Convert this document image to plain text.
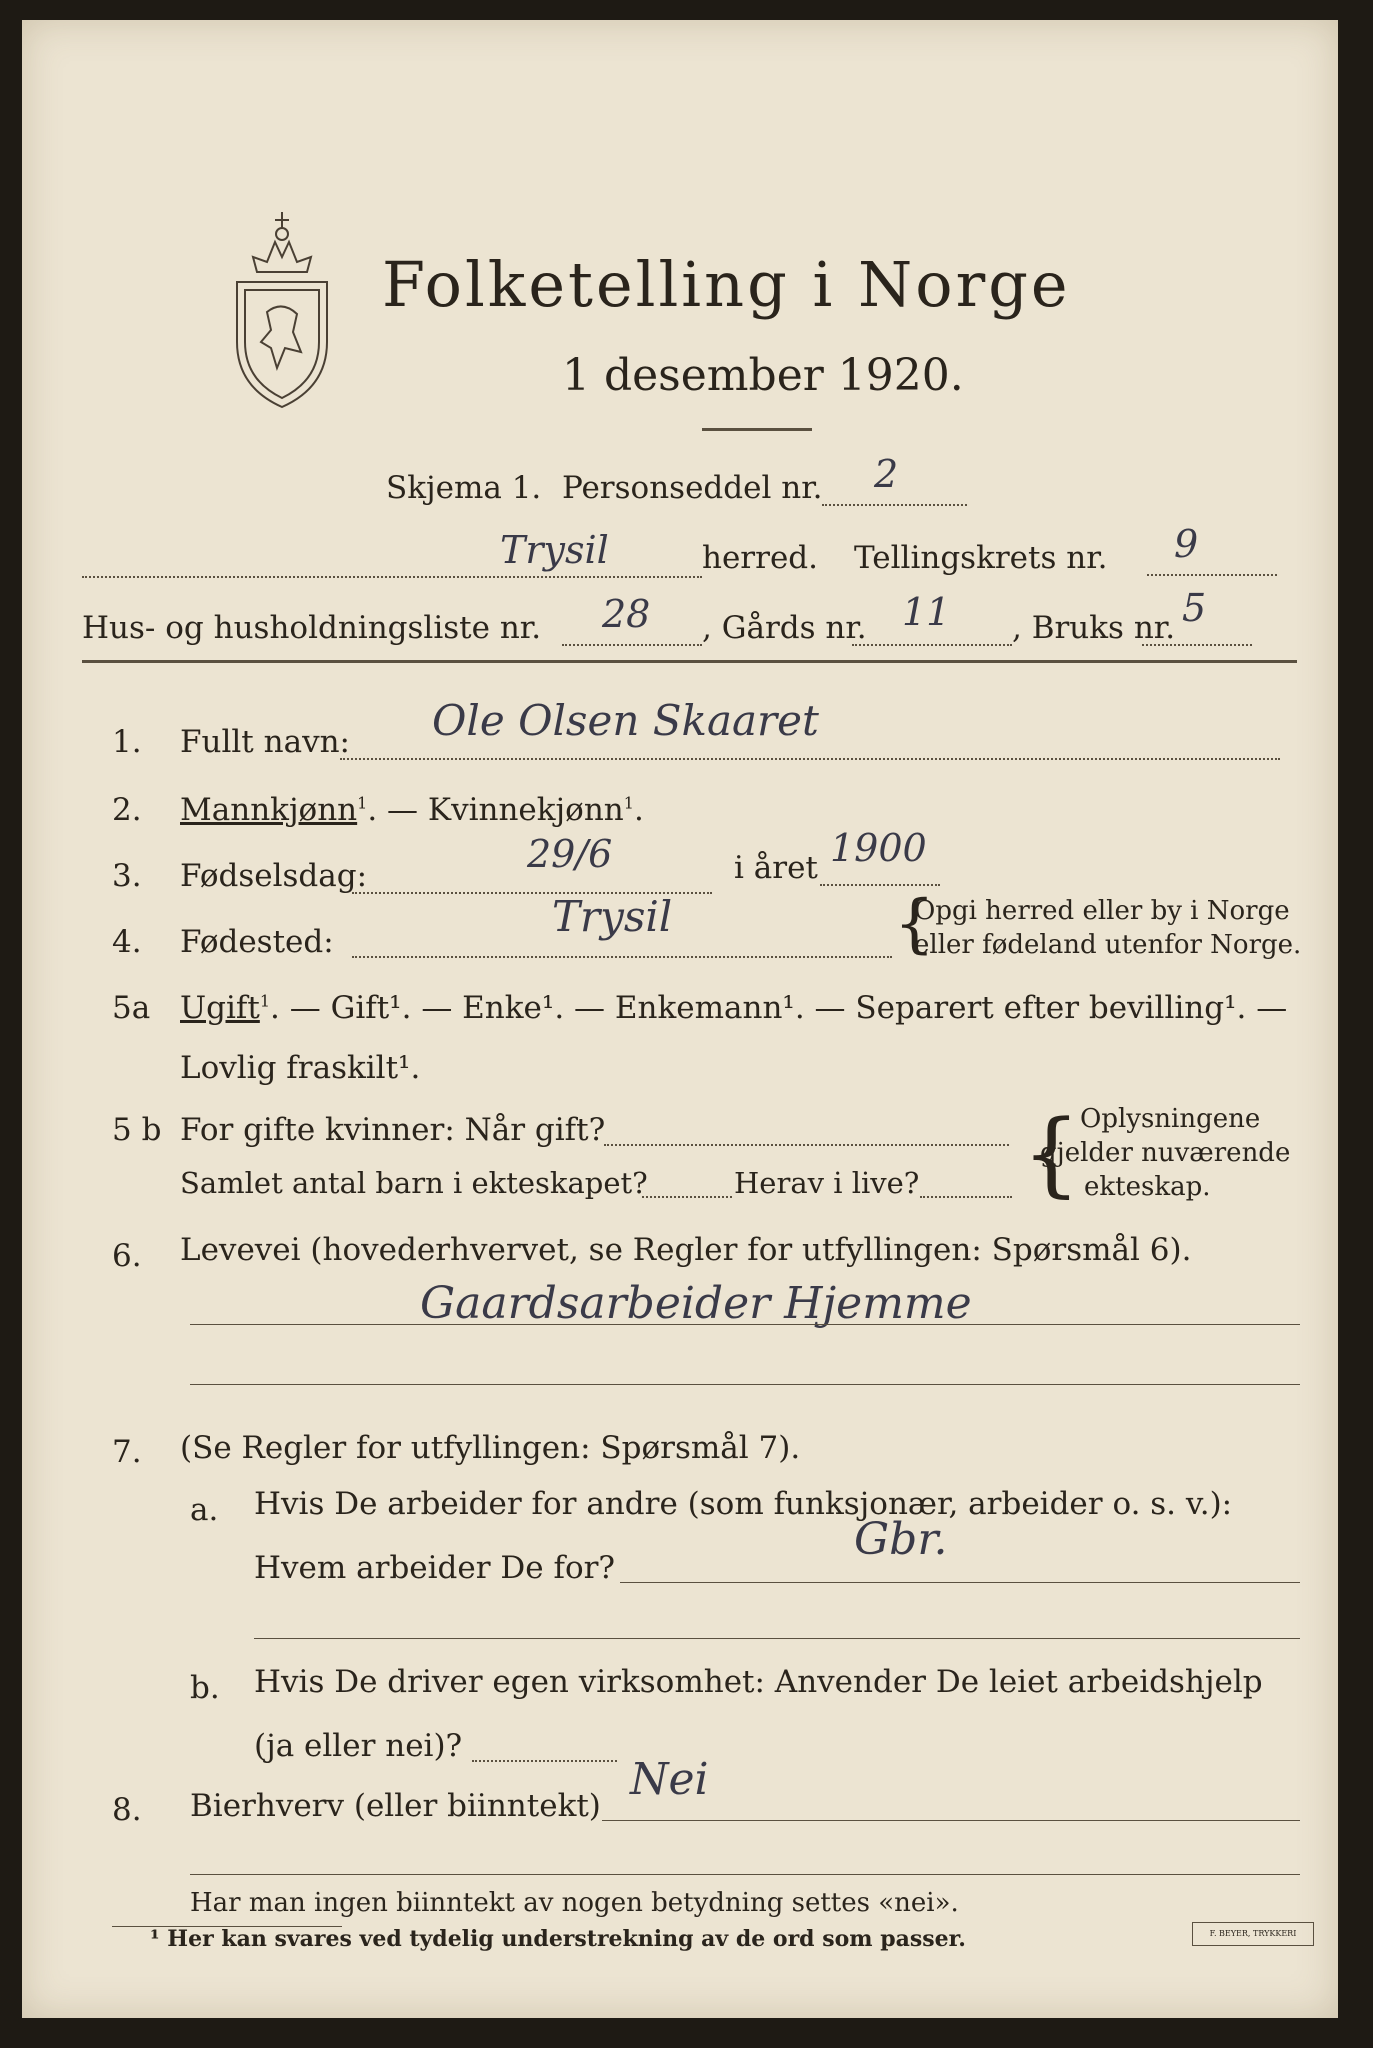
Folketelling i Norge
1 desember 1920.
Skjema 1. Personseddel nr. 2
Trysil	herred. Tellingskrets nr. 9
Hus- og husholdningsliste nr. 28 , Gårds nr. 11 , Bruks nr. 5
1. Fullt navn: Ole Olsen Skaaret
2. Mannkjønn$^1$. — Kvinnekjønn$^1$.
3. Fødselsdag:	29/6	i året 1900
4. Fødested:
Trysil	{
Opgi herred eller by i Norge
eller fødeland utenfor Norge.
5a Ugift$^1$. — Gift¹. — Enke¹. — Enkemann¹. — Separert efter bevilling¹. —
Lovlig fraskilt¹.
5 b For gifte kvinner: Når gift?
Samlet antal barn i ekteskapet?	Herav i live? { Oplysningene
gjelder nuværende
ekteskap.
6. Levevei (hovederhvervet, se Regler for utfyllingen: Spørsmål 6).
Gaardsarbeider Hjemme
7. (Se Regler for utfyllingen: Spørsmål 7).
a. Hvis De arbeider for andre (som funksjonær, arbeider o. s. v.):
Hvem arbeider De for?
Gbr.
b. Hvis De driver egen virksomhet: Anvender De leiet arbeidshjelp
(ja eller nei)?
8. Bierhverv (eller biinntekt)
Nei
Har man ingen biinntekt av nogen betydning settes «nei».
¹ Her kan svares ved tydelig understrekning av de ord som passer.	F. BEYER, TRYKKERI
